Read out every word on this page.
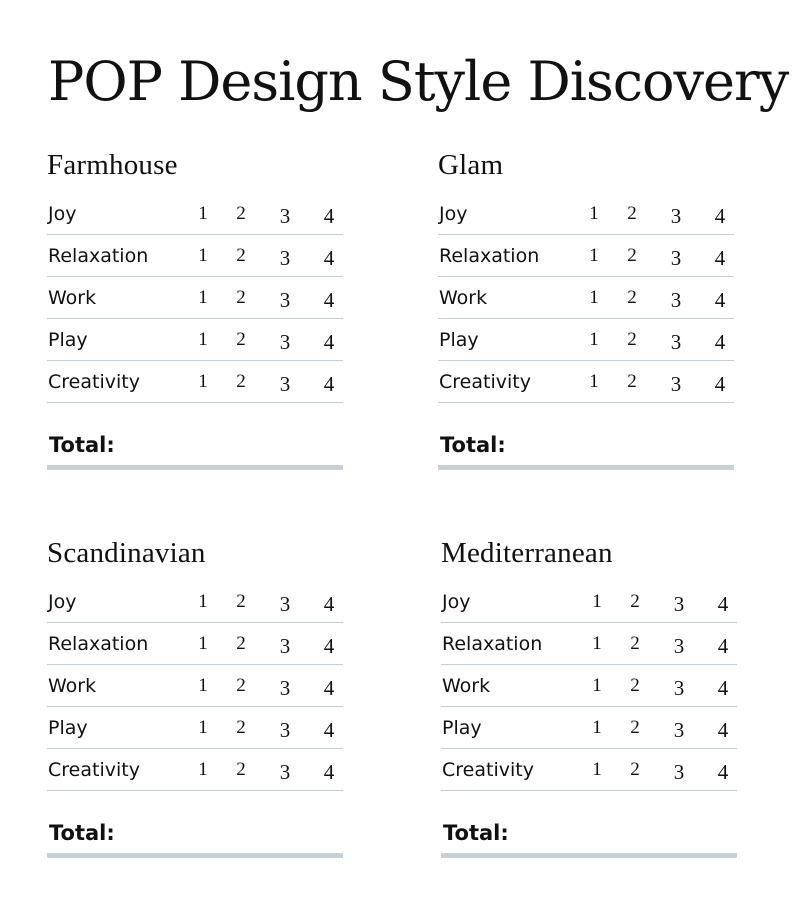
POP Design Style Discovery
Farmhouse
Joy	1 2 3 4
Relaxation	1 2 3 4
Work	1 2 3 4
Play	1 2 3 4
Creativity	1 2 3 4
Total:
Glam
Joy	1 2 3 4
Relaxation	1 2 3 4
Work	1 2 3 4
Play	1 2 3 4
Creativity	1 2 3 4
Total:
Scandinavian
Joy	1 2 3 4
Relaxation	1 2 3 4
Work	1 2 3 4
Play	1 2 3 4
Creativity	1 2 3 4
Total:
Mediterranean
Joy	1 2 3 4
Relaxation	1 2 3 4
Work	1 2 3 4
Play	1 2 3 4
Creativity	1 2 3 4
Total:
